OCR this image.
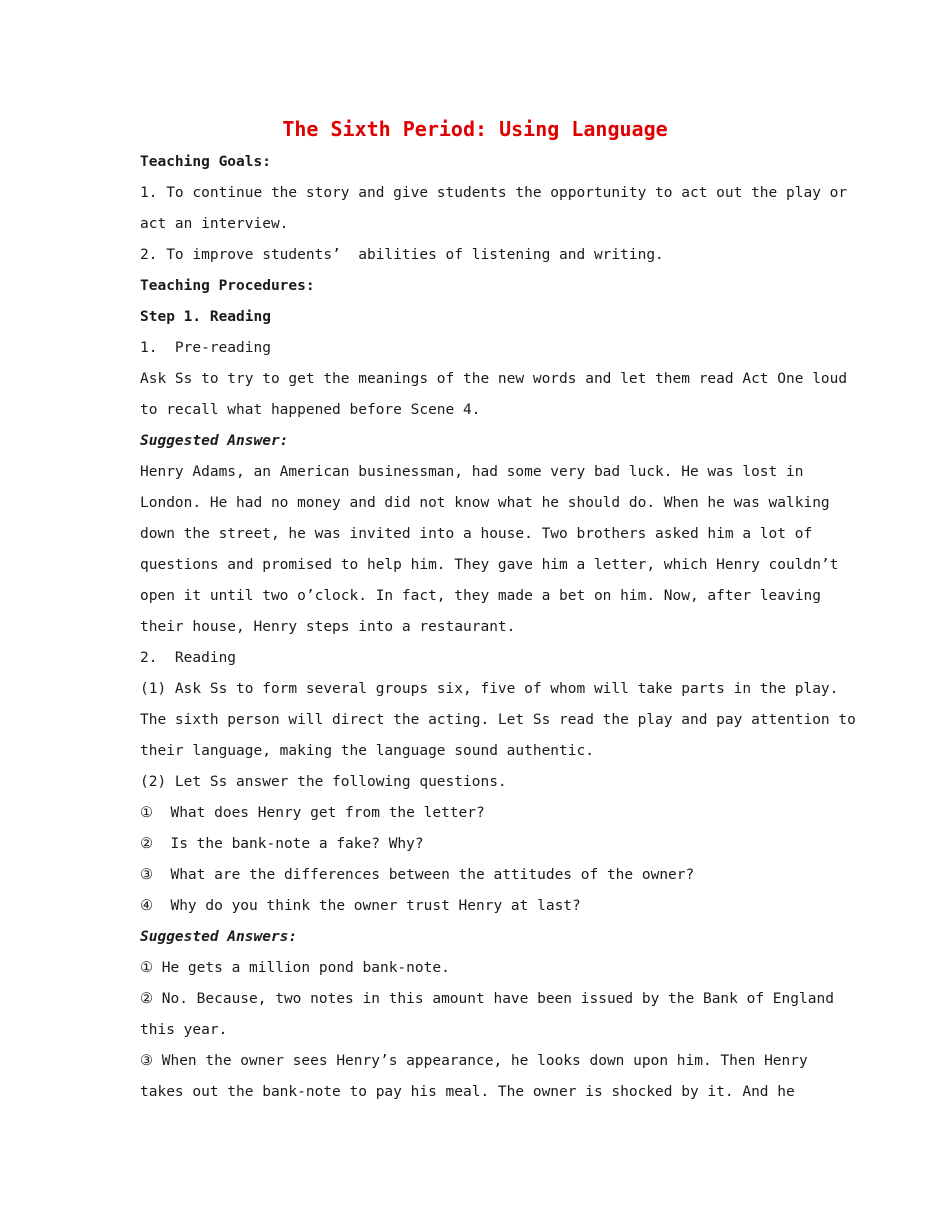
The Sixth Period: Using Language
Teaching Goals:
1. To continue the story and give students the opportunity to act out the play or
act an interview.
2. To improve students’  abilities of listening and writing.
Teaching Procedures:
Step 1. Reading
1.  Pre-reading
Ask Ss to try to get the meanings of the new words and let them read Act One loud
to recall what happened before Scene 4.
Suggested Answer:
Henry Adams, an American businessman, had some very bad luck. He was lost in
London. He had no money and did not know what he should do. When he was walking
down the street, he was invited into a house. Two brothers asked him a lot of
questions and promised to help him. They gave him a letter, which Henry couldn’t
open it until two o’clock. In fact, they made a bet on him. Now, after leaving
their house, Henry steps into a restaurant.
2.  Reading
(1) Ask Ss to form several groups six, five of whom will take parts in the play.
The sixth person will direct the acting. Let Ss read the play and pay attention to
their language, making the language sound authentic.
(2) Let Ss answer the following questions.
①  What does Henry get from the letter?
②  Is the bank-note a fake? Why?
③  What are the differences between the attitudes of the owner?
④  Why do you think the owner trust Henry at last?
Suggested Answers:
① He gets a million pond bank-note.
② No. Because, two notes in this amount have been issued by the Bank of England
this year.
③ When the owner sees Henry’s appearance, he looks down upon him. Then Henry
takes out the bank-note to pay his meal. The owner is shocked by it. And he
